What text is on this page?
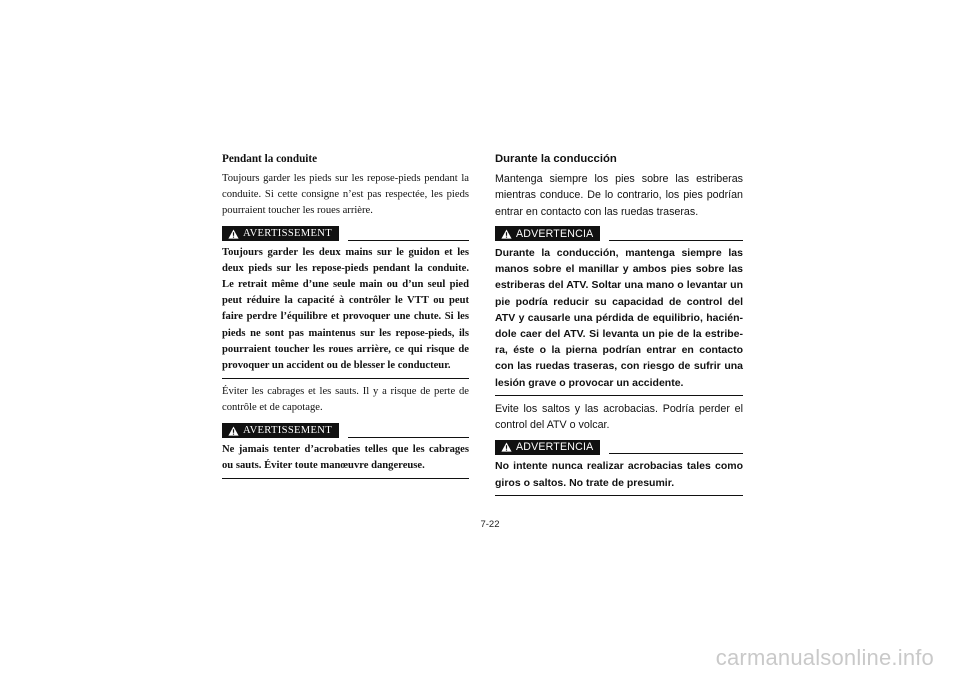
Pendant la conduite

Toujours garder les pieds sur les repose-pieds pendant la conduite. Si cette consigne n’est pas respectée, les pieds pourraient toucher les roues arrière.

AVERTISSEMENT

Toujours garder les deux mains sur le guidon et les deux pieds sur les repose-pieds pendant la conduite. Le retrait même d’une seule main ou d’un seul pied peut réduire la capacité à contrôler le VTT ou peut faire perdre l’équilibre et provoquer une chute. Si les pieds ne sont pas maintenus sur les repose-pieds, ils pourraient toucher les roues arrière, ce qui risque de provoquer un accident ou de blesser le conducteur.

Éviter les cabrages et les sauts. Il y a risque de perte de contrôle et de capotage.

AVERTISSEMENT

Ne jamais tenter d’acrobaties telles que les cabrages ou sauts. Éviter toute manœuvre dangereuse.

Durante la conducción

Mantenga siempre los pies sobre las estriberas mientras conduce. De lo contrario, los pies podrían entrar en contacto con las ruedas traseras.

ADVERTENCIA

Durante la conducción, mantenga siempre las manos sobre el manillar y ambos pies sobre las estriberas del ATV. Soltar una mano o levantar un pie podría reducir su capacidad de control del ATV y causarle una pérdida de equilibrio, hacién-dole caer del ATV. Si levanta un pie de la estribe-ra, éste o la pierna podrían entrar en contacto con las ruedas traseras, con riesgo de sufrir una lesión grave o provocar un accidente.

Evite los saltos y las acrobacias. Podría perder el control del ATV o volcar.

ADVERTENCIA

No intente nunca realizar acrobacias tales como giros o saltos. No trate de presumir.

7-22
carmanualsonline.info
